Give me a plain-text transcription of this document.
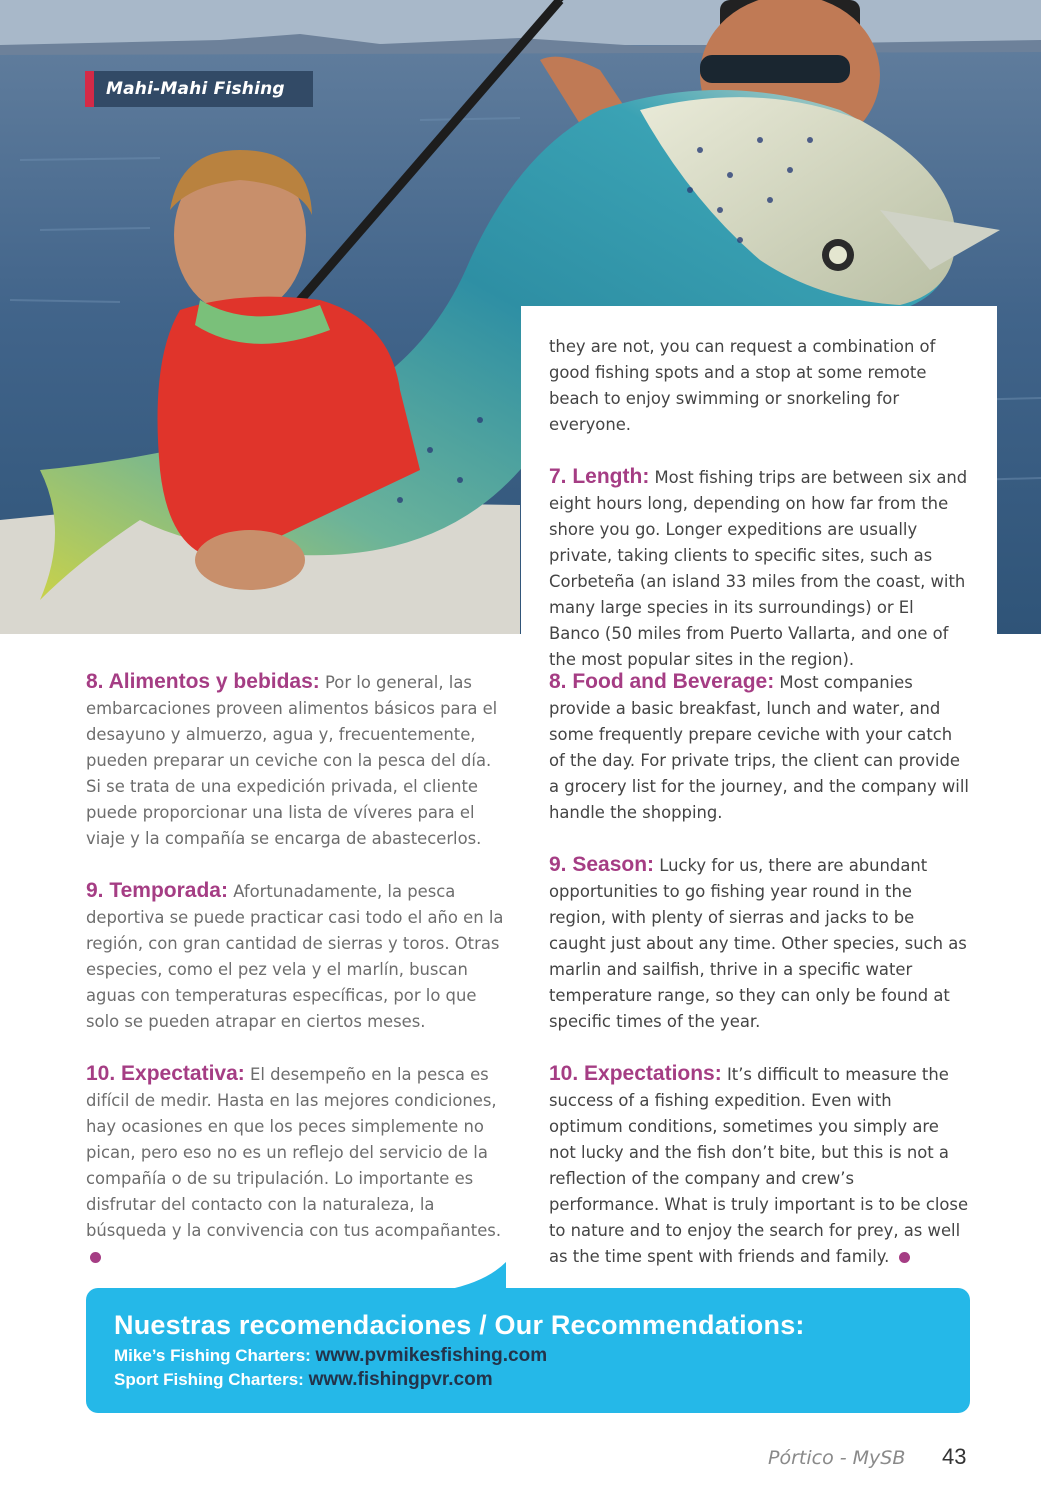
Mahi-Mahi Fishing

they are not, you can request a combination of good fishing spots and a stop at some remote beach to enjoy swimming or snorkeling for everyone.

7. Length: Most fishing trips are between six and eight hours long, depending on how far from the shore you go. Longer expeditions are usually private, taking clients to specific sites, such as Corbeteña (an island 33 miles from the coast, with many large species in its surroundings) or El Banco (50 miles from Puerto Vallarta, and one of the most popular sites in the region).

8. Alimentos y bebidas: Por lo general, las embarcaciones proveen alimentos básicos para el desayuno y almuerzo, agua y, frecuentemente, pueden preparar un ceviche con la pesca del día. Si se trata de una expedición privada, el cliente puede proporcionar una lista de víveres para el viaje y la compañía se encarga de abastecerlos.

9. Temporada: Afortunadamente, la pesca deportiva se puede practicar casi todo el año en la región, con gran cantidad de sierras y toros. Otras especies, como el pez vela y el marlín, buscan aguas con temperaturas específicas, por lo que solo se pueden atrapar en ciertos meses.

10. Expectativa: El desempeño en la pesca es difícil de medir. Hasta en las mejores condiciones, hay ocasiones en que los peces simplemente no pican, pero eso no es un reflejo del servicio de la compañía o de su tripulación. Lo importante es disfrutar del contacto con la naturaleza, la búsqueda y la convivencia con tus acompañantes.

8. Food and Beverage: Most companies provide a basic breakfast, lunch and water, and some frequently prepare ceviche with your catch of the day. For private trips, the client can provide a grocery list for the journey, and the company will handle the shopping.

9. Season: Lucky for us, there are abundant opportunities to go fishing year round in the region, with plenty of sierras and jacks to be caught just about any time. Other species, such as marlin and sailfish, thrive in a specific water temperature range, so they can only be found at specific times of the year.

10. Expectations: It’s difficult to measure the success of a fishing expedition. Even with optimum conditions, sometimes you simply are not lucky and the fish don’t bite, but this is not a reflection of the company and crew’s performance. What is truly important is to be close to nature and to enjoy the search for prey, as well as the time spent with friends and family.

Nuestras recomendaciones / Our Recommendations:
Mike’s Fishing Charters: www.pvmikesfishing.com
Sport Fishing Charters: www.fishingpvr.com
Pórtico - MySB 43
